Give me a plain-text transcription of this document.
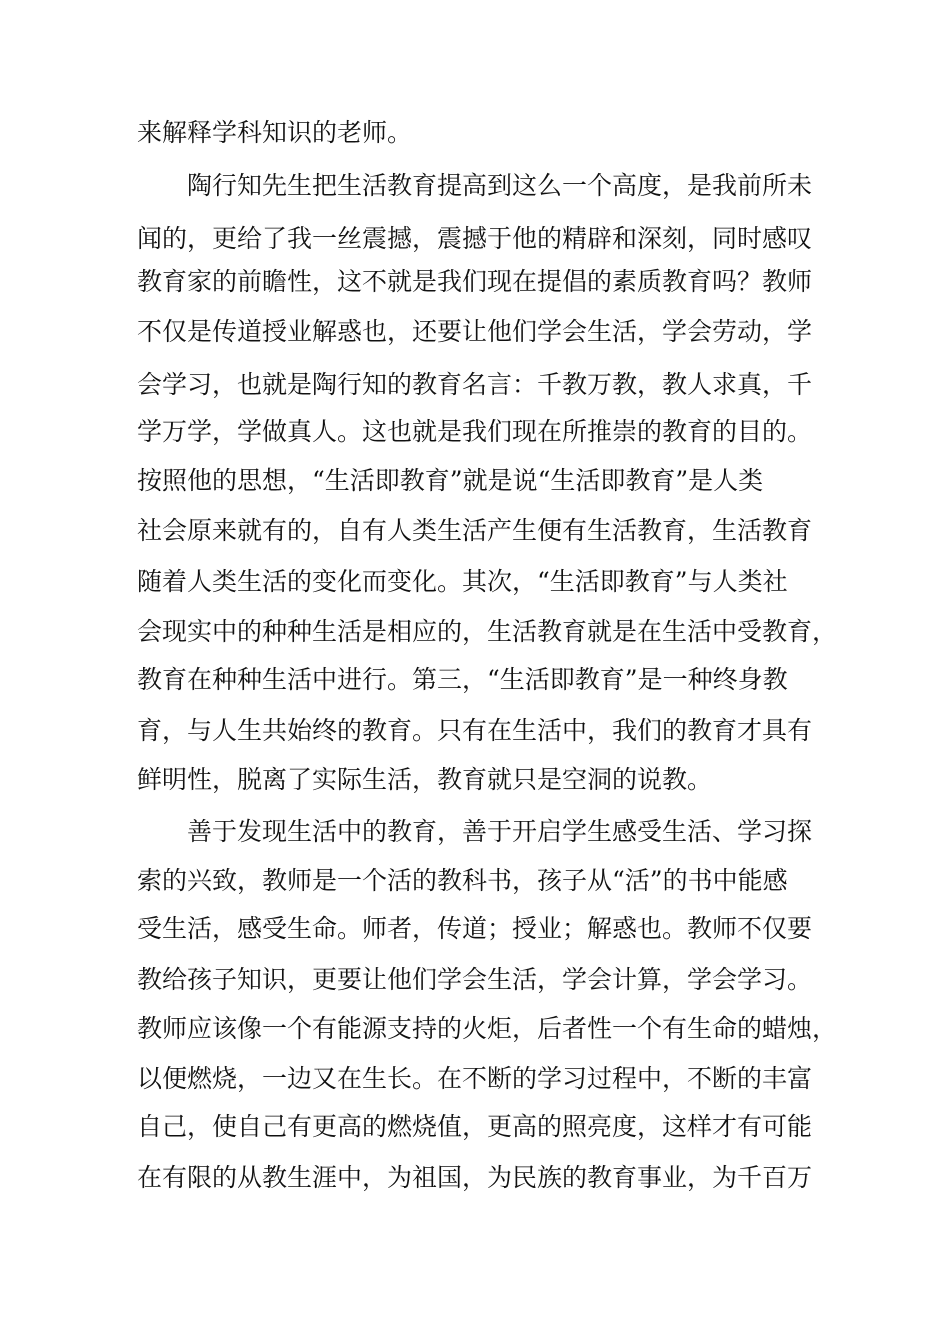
来解释学科知识的老师。
　　陶行知先生把生活教育提高到这么一个高度，是我前所未
闻的，更给了我一丝震撼，震撼于他的精辟和深刻，同时感叹
教育家的前瞻性，这不就是我们现在提倡的素质教育吗？教师
不仅是传道授业解惑也，还要让他们学会生活，学会劳动，学
会学习，也就是陶行知的教育名言：千教万教，教人求真，千
学万学，学做真人。这也就是我们现在所推崇的教育的目的。
按照他的思想，“生活即教育”就是说“生活即教育”是人类
社会原来就有的，自有人类生活产生便有生活教育，生活教育
随着人类生活的变化而变化。其次，“生活即教育”与人类社
会现实中的种种生活是相应的，生活教育就是在生活中受教育，
教育在种种生活中进行。第三，“生活即教育”是一种终身教
育，与人生共始终的教育。只有在生活中，我们的教育才具有
鲜明性，脱离了实际生活，教育就只是空洞的说教。
　　善于发现生活中的教育，善于开启学生感受生活、学习探
索的兴致，教师是一个活的教科书，孩子从“活”的书中能感
受生活，感受生命。师者，传道；授业；解惑也。教师不仅要
教给孩子知识，更要让他们学会生活，学会计算，学会学习。
教师应该像一个有能源支持的火炬，后者性一个有生命的蜡烛，
以便燃烧，一边又在生长。在不断的学习过程中，不断的丰富
自己，使自己有更高的燃烧值，更高的照亮度，这样才有可能
在有限的从教生涯中，为祖国，为民族的教育事业，为千百万
